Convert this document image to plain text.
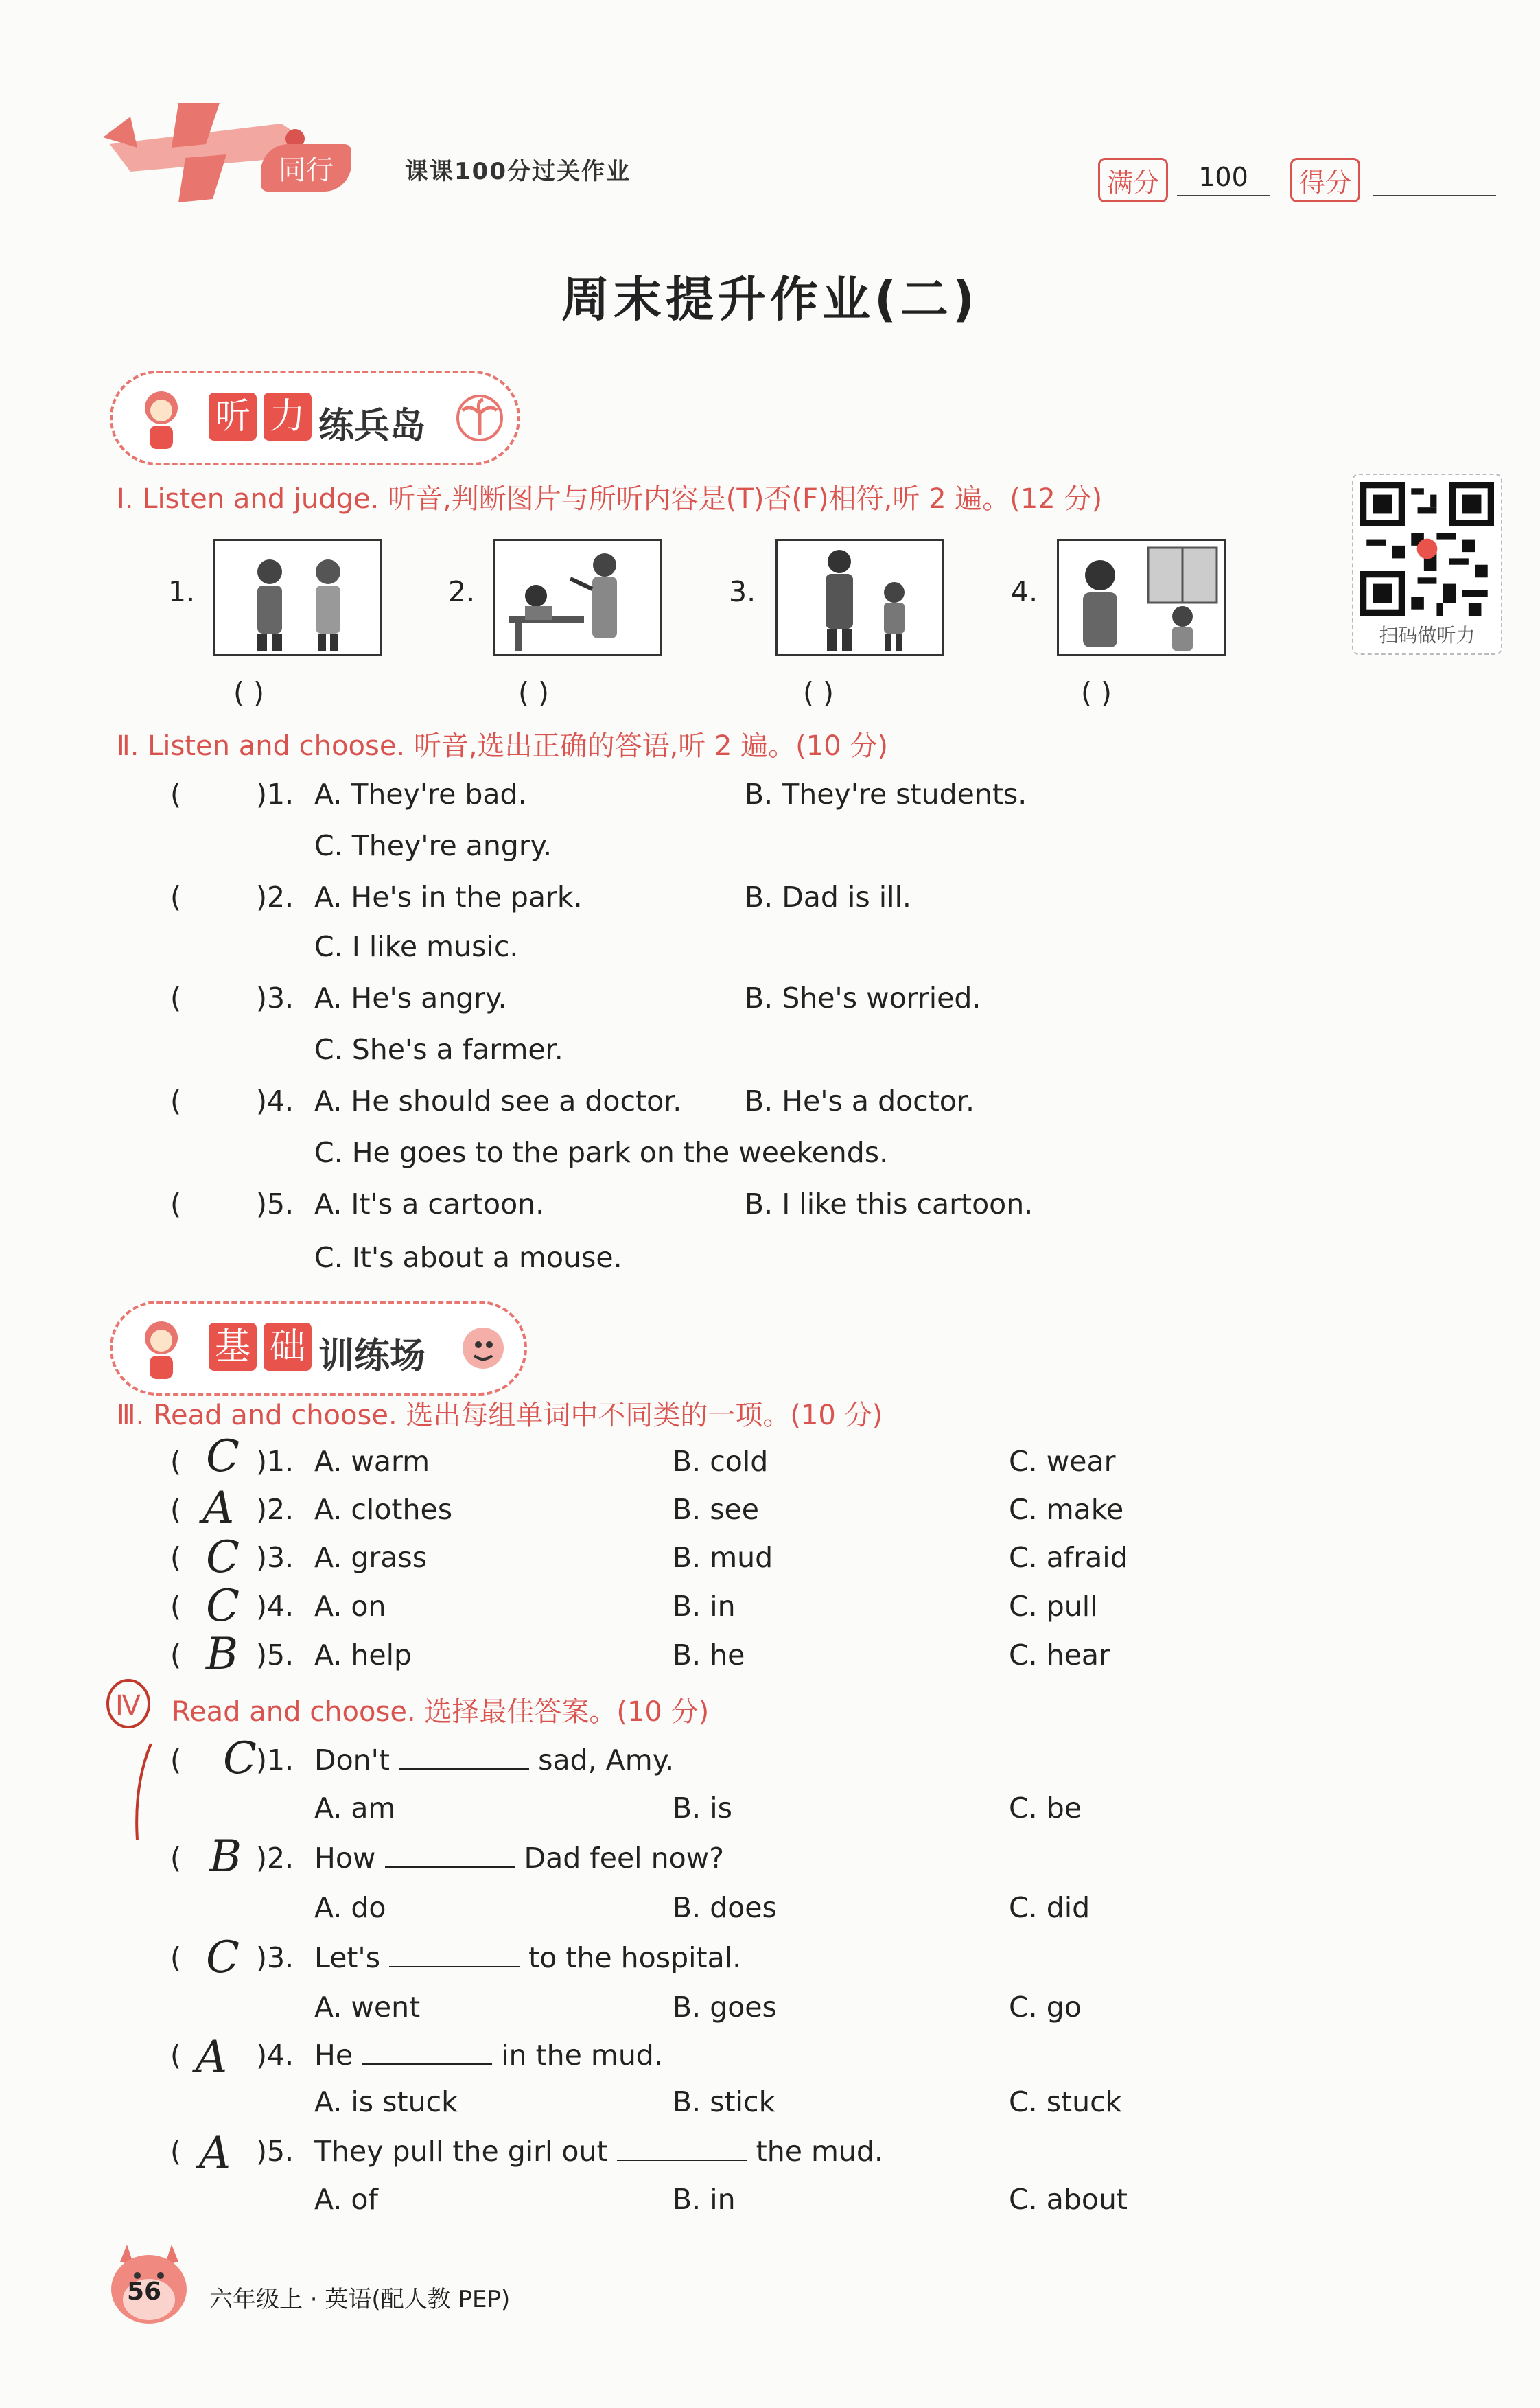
同行	课课100分过关作业	满分	100	得分
周末提升作业(二)
听 力 练兵岛
Ⅰ. Listen and judge. 听音,判断图片与所听内容是(T)否(F)相符,听 2 遍。(12 分)
扫码做听力
1.
( )
2.
( )
3.
( )
4.
( )
Ⅱ. Listen and choose. 听音,选出正确的答语,听 2 遍。(10 分)
(	)1. A. They're bad.	B. They're students.
C. They're angry.
(	)2. A. He's in the park.	B. Dad is ill.
C. I like music.
(	)3. A. He's angry.	B. She's worried.
C. She's a farmer.
(	)4. A. He should see a doctor. B. He's a doctor.
C. He goes to the park on the weekends.
(	)5. A. It's a cartoon.	B. I like this cartoon.
C. It's about a mouse.
基 础 训练场
Ⅲ. Read and choose. 选出每组单词中不同类的一项。(10 分)
( C )1. A. warm	B. cold	C. wear
( A )2. A. clothes	B. see	C. make
( C )3. A. grass	B. mud	C. afraid
( C )4. A. on	B. in	C. pull
( B )5. A. help	B. he	C. hear
Ⅳ Read and choose. 选择最佳答案。(10 分)
( C )1. Don't	sad, Amy.
A. am	B. is	C. be
( B )2. How	Dad feel now?
A. do	B. does	C. did
( C )3. Let's	to the hospital.
A. went	B. goes	C. go
( A )4. He	in the mud.
A. is stuck	B. stick	C. stuck
( A )5. They pull the girl out	the mud.
A. of	B. in	C. about
56 六年级上 · 英语(配人教 PEP)
